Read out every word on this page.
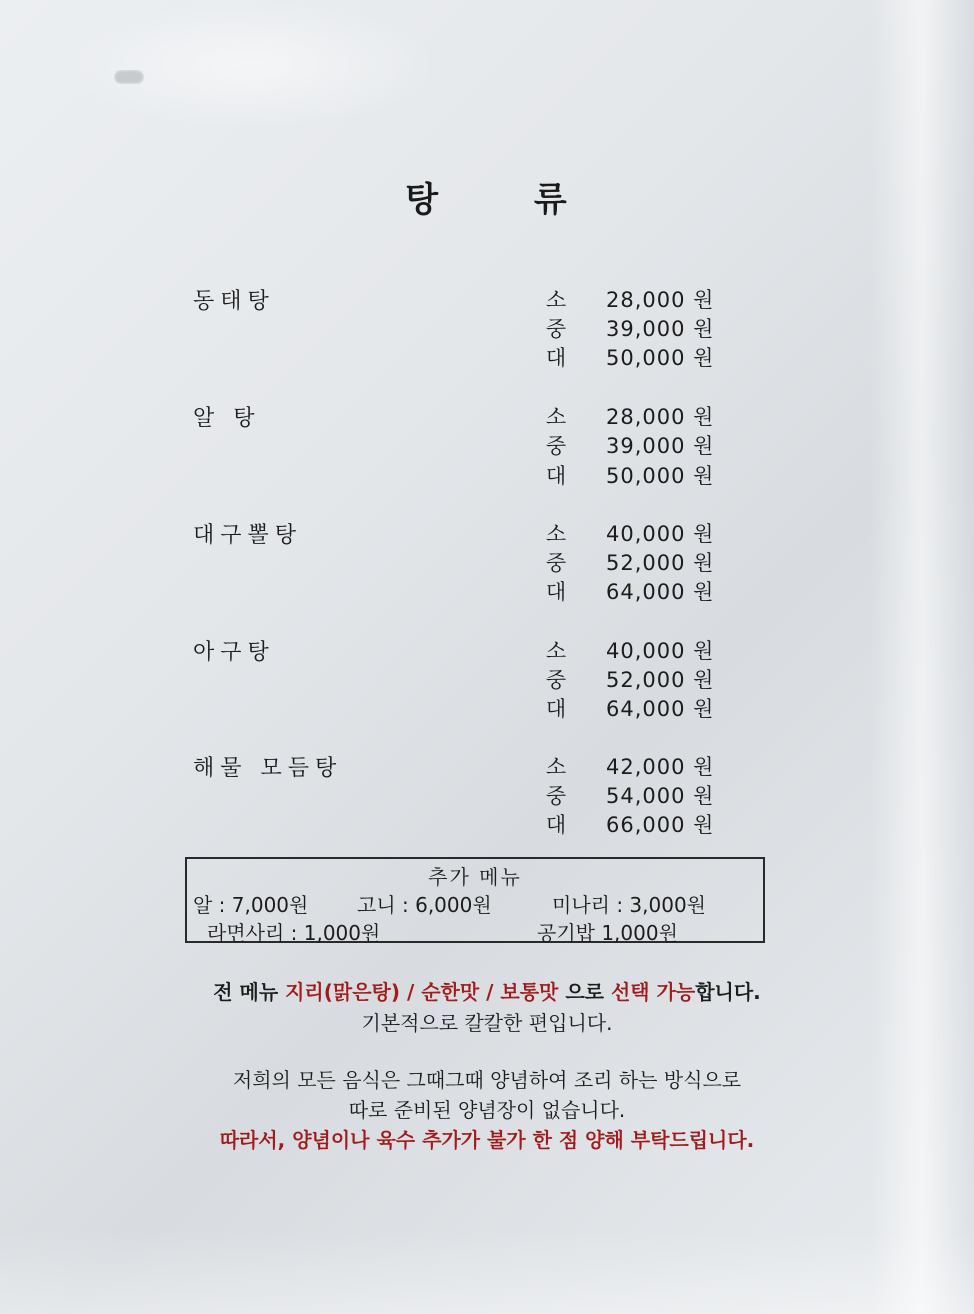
탕 류
동태탕	소 28,000 원
중 39,000 원
대 50,000 원
알 탕	소 28,000 원
중 39,000 원
대 50,000 원
대구뽈탕	소 40,000 원
중 52,000 원
대 64,000 원
아구탕	소 40,000 원
중 52,000 원
대 64,000 원
해물 모듬탕	소 42,000 원
중 54,000 원
대 66,000 원
추가 메뉴
알 : 7,000원 고니 : 6,000원	미나리 : 3,000원
라면사리 : 1,000원	공기밥 1,000원
전 메뉴 지리(맑은탕) / 순한맛 / 보통맛 으로 선택 가능합니다.
기본적으로 칼칼한 편입니다.
저희의 모든 음식은 그때그때 양념하여 조리 하는 방식으로
따로 준비된 양념장이 없습니다.
따라서, 양념이나 육수 추가가 불가 한 점 양해 부탁드립니다.
